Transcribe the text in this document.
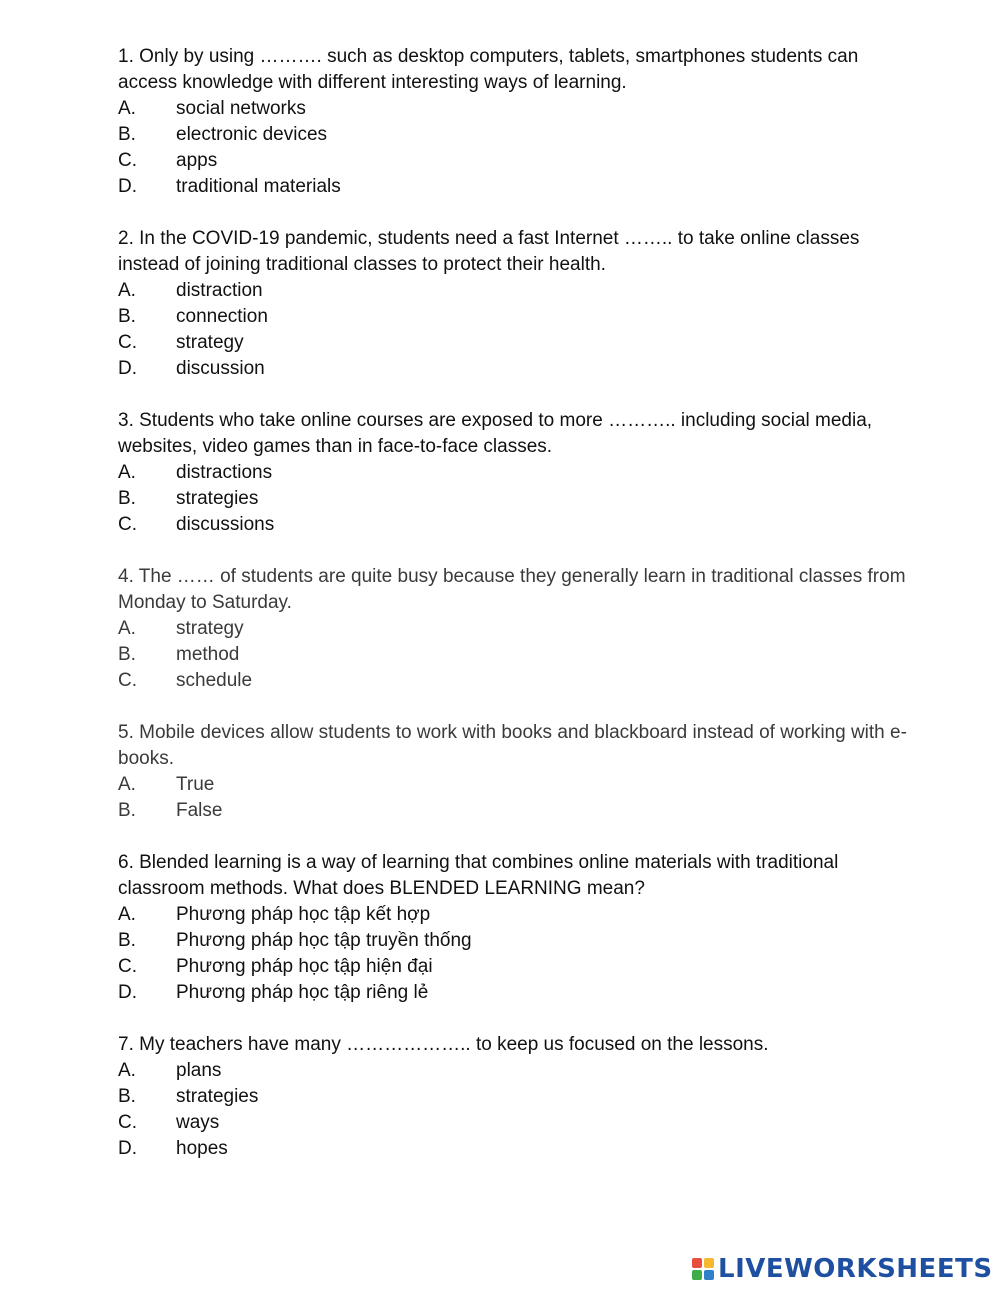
1. Only by using ………. such as desktop computers, tablets, smartphones students can access knowledge with different interesting ways of learning.

A.	social networks
B.	electronic devices
C.	apps
D.	traditional materials

2. In the COVID-19 pandemic, students need a fast Internet …….. to take online classes instead of joining traditional classes to protect their health.

A.	distraction
B.	connection
C.	strategy
D.	discussion

3. Students who take online courses are exposed to more ……….. including social media, websites, video games than in face-to-face classes.

A.	distractions
B.	strategies
C.	discussions

4. The …… of students are quite busy because they generally learn in traditional classes from Monday to Saturday.

A.	strategy
B.	method
C.	schedule

5. Mobile devices allow students to work with books and blackboard instead of working with e-books.

A.	True
B.	False

6. Blended learning is a way of learning that combines online materials with traditional classroom methods. What does BLENDED LEARNING mean?

A.	Phương pháp học tập kết hợp
B.	Phương pháp học tập truyền thống
C.	Phương pháp học tập hiện đại
D.	Phương pháp học tập riêng lẻ

7. My teachers have many ……………….. to keep us focused on the lessons.

A.	plans
B.	strategies
C.	ways
D.	hopes
LIVEWORKSHEETS
